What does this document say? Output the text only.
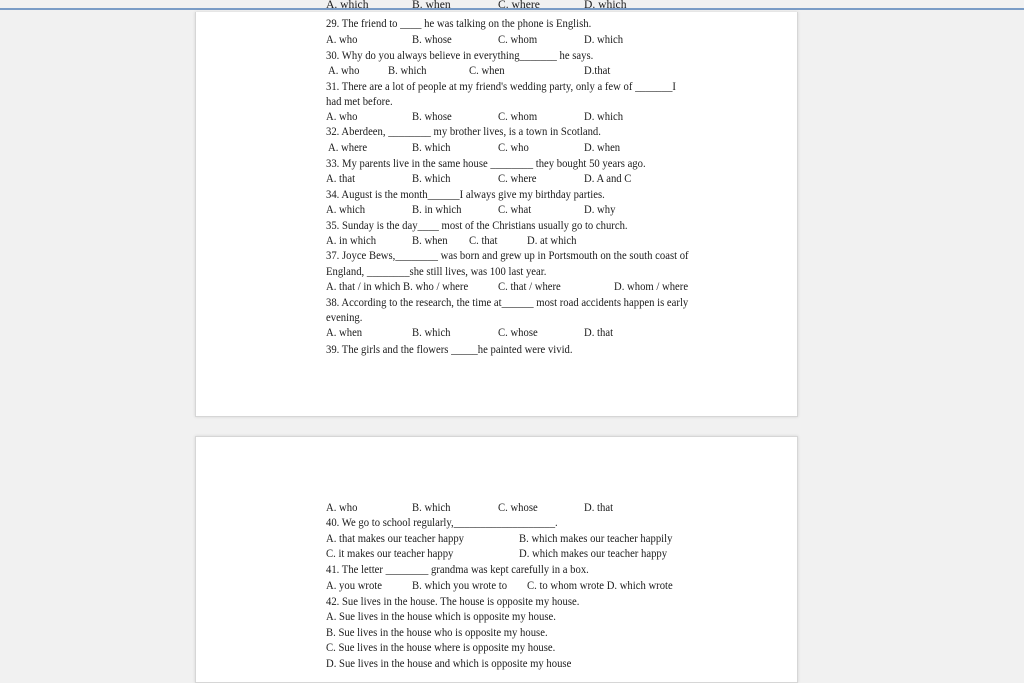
A. which	B. when	C. where	D. which
29. The friend to ____ he was talking on the phone is English.
A. who	B. whose	C. whom	D. which
30. Why do you always believe in everything_______ he says.
A. who B. which	C. when	D.that
31. There are a lot of people at my friend's wedding party, only a few of _______I
had met before.
A. who	B. whose	C. whom	D. which
32. Aberdeen, ________ my brother lives, is a town in Scotland.
A. where	B. which	C. who	D. when
33. My parents live in the same house ________ they bought 50 years ago.
A. that	B. which	C. where	D. A and C
34. August is the month______I always give my birthday parties.
A. which	B. in which	C. what	D. why
35. Sunday is the day____ most of the Christians usually go to church.
A. in which	B. when C. that	D. at which
37. Joyce Bews,________ was born and grew up in Portsmouth on the south coast of
England, ________she still lives, was 100 last year.
A. that / in which B. who / where	C. that / where	D. whom / where
38. According to the research, the time at______ most road accidents happen is early
evening.
A. when	B. which	C. whose	D. that
39. The girls and the flowers _____he painted were vivid.
A. who	B. which	C. whose	D. that
40. We go to school regularly,___________________.
A. that makes our teacher happy	B. which makes our teacher happily
C. it makes our teacher happy	D. which makes our teacher happy
41. The letter ________ grandma was kept carefully in a box.
A. you wrote	B. which you wrote to C. to whom wrote D. which wrote
42. Sue lives in the house. The house is opposite my house.
A. Sue lives in the house which is opposite my house.
B. Sue lives in the house who is opposite my house.
C. Sue lives in the house where is opposite my house.
D. Sue lives in the house and which is opposite my house
